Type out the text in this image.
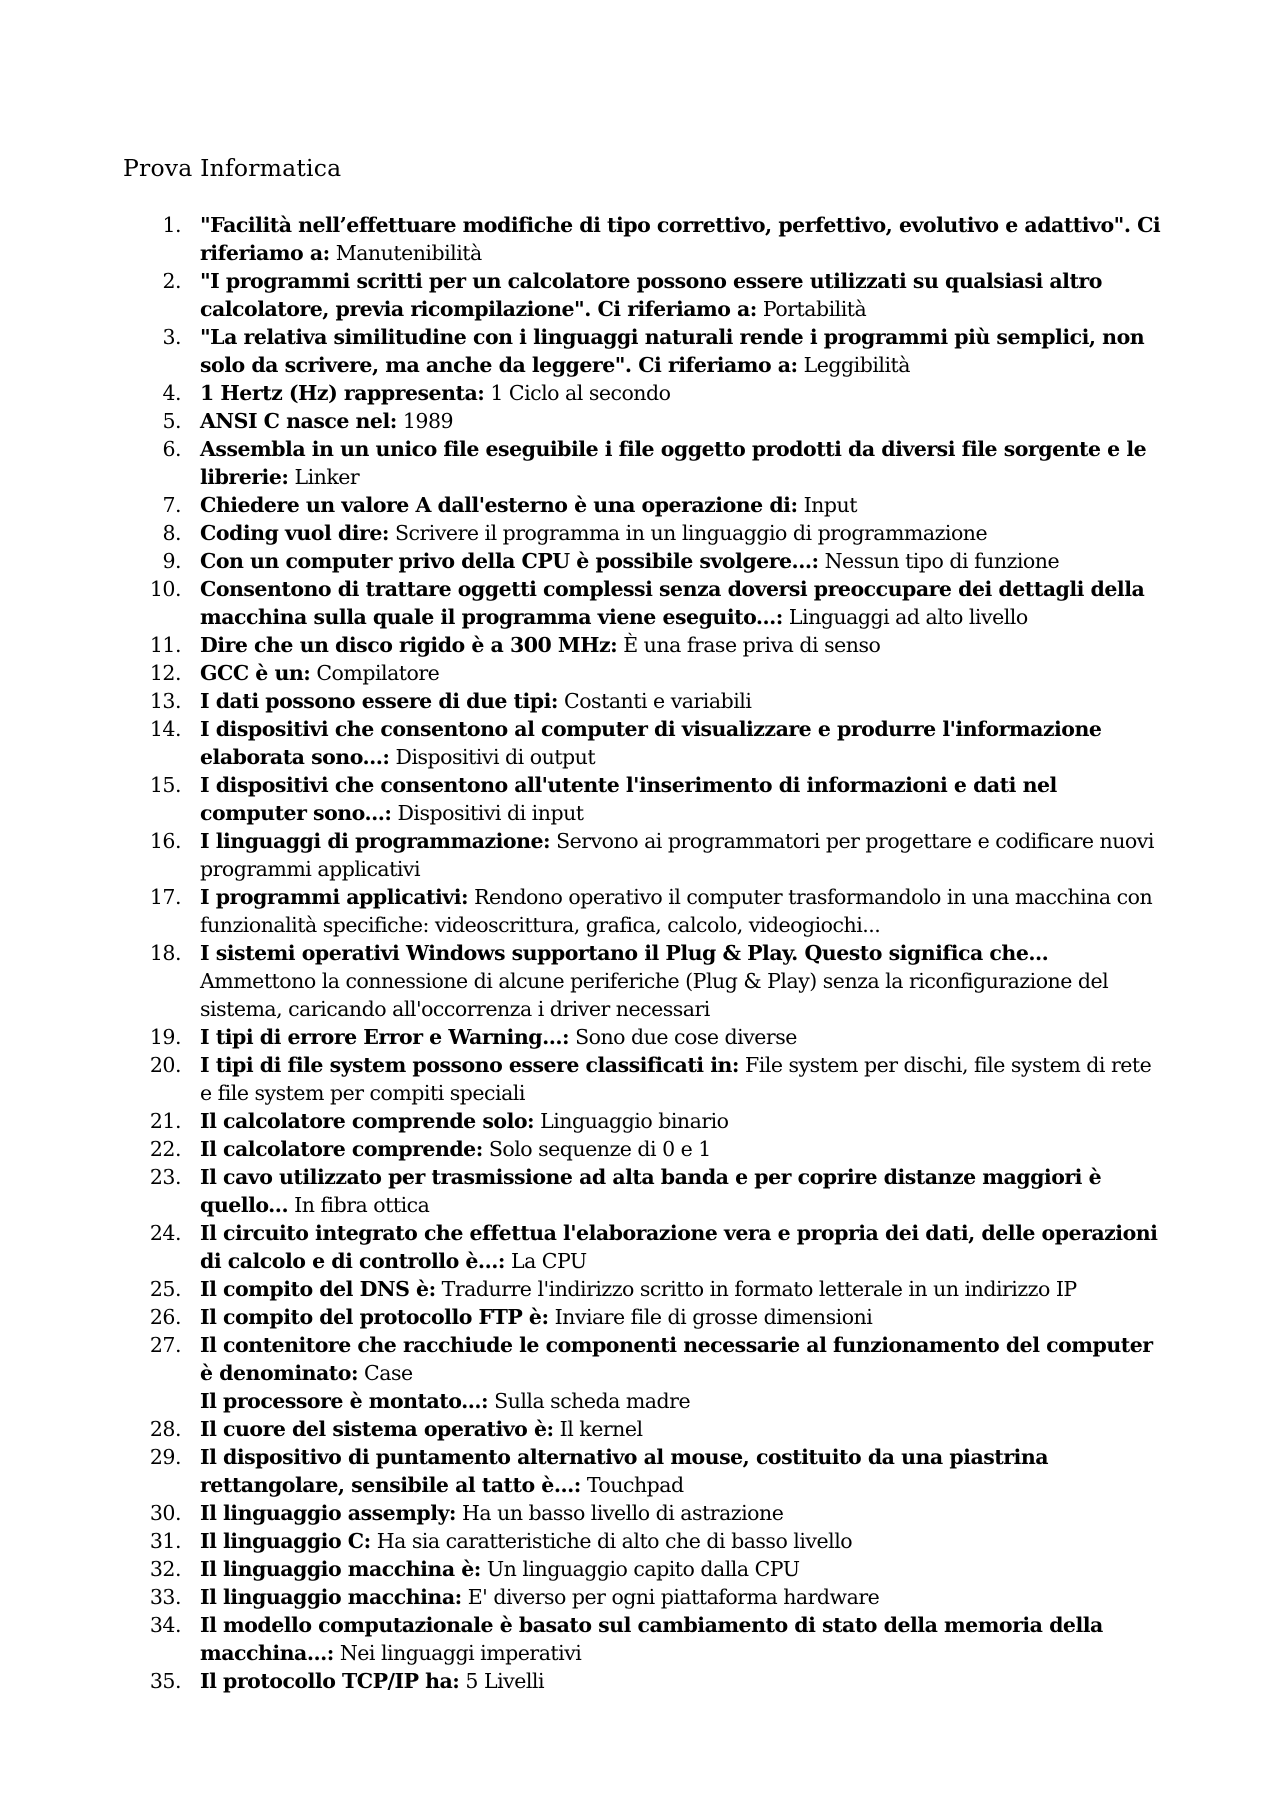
Prova Informatica
1. "Facilità nell’effettuare modifiche di tipo correttivo, perfettivo, evolutivo e adattivo". Ci riferiamo a: Manutenibilità
2. "I programmi scritti per un calcolatore possono essere utilizzati su qualsiasi altro calcolatore, previa ricompilazione". Ci riferiamo a: Portabilità
3. "La relativa similitudine con i linguaggi naturali rende i programmi più semplici, non solo da scrivere, ma anche da leggere". Ci riferiamo a: Leggibilità
4. 1 Hertz (Hz) rappresenta: 1 Ciclo al secondo
5. ANSI C nasce nel: 1989
6. Assembla in un unico file eseguibile i file oggetto prodotti da diversi file sorgente e le librerie: Linker
7. Chiedere un valore A dall'esterno è una operazione di: Input
8. Coding vuol dire: Scrivere il programma in un linguaggio di programmazione
9. Con un computer privo della CPU è possibile svolgere...: Nessun tipo di funzione
10. Consentono di trattare oggetti complessi senza doversi preoccupare dei dettagli della macchina sulla quale il programma viene eseguito...: Linguaggi ad alto livello
11. Dire che un disco rigido è a 300 MHz: È una frase priva di senso
12. GCC è un: Compilatore
13. I dati possono essere di due tipi: Costanti e variabili
14. I dispositivi che consentono al computer di visualizzare e produrre l'informazione elaborata sono...: Dispositivi di output
15. I dispositivi che consentono all'utente l'inserimento di informazioni e dati nel computer sono...: Dispositivi di input
16. I linguaggi di programmazione: Servono ai programmatori per progettare e codificare nuovi programmi applicativi
17. I programmi applicativi: Rendono operativo il computer trasformandolo in una macchina con funzionalità specifiche: videoscrittura, grafica, calcolo, videogiochi...
18. I sistemi operativi Windows supportano il Plug & Play. Questo significa che... Ammettono la connessione di alcune periferiche (Plug & Play) senza la riconfigurazione del sistema, caricando all'occorrenza i driver necessari
19. I tipi di errore Error e Warning...: Sono due cose diverse
20. I tipi di file system possono essere classificati in: File system per dischi, file system di rete e file system per compiti speciali
21. Il calcolatore comprende solo: Linguaggio binario
22. Il calcolatore comprende: Solo sequenze di 0 e 1
23. Il cavo utilizzato per trasmissione ad alta banda e per coprire distanze maggiori è quello... In fibra ottica
24. Il circuito integrato che effettua l'elaborazione vera e propria dei dati, delle operazioni di calcolo e di controllo è...: La CPU
25. Il compito del DNS è: Tradurre l'indirizzo scritto in formato letterale in un indirizzo IP
26. Il compito del protocollo FTP è: Inviare file di grosse dimensioni
27. Il contenitore che racchiude le componenti necessarie al funzionamento del computer è denominato: Case
Il processore è montato...: Sulla scheda madre
28. Il cuore del sistema operativo è: Il kernel
29. Il dispositivo di puntamento alternativo al mouse, costituito da una piastrina rettangolare, sensibile al tatto è...: Touchpad
30. Il linguaggio assemply: Ha un basso livello di astrazione
31. Il linguaggio C: Ha sia caratteristiche di alto che di basso livello
32. Il linguaggio macchina è: Un linguaggio capito dalla CPU
33. Il linguaggio macchina: E' diverso per ogni piattaforma hardware
34. Il modello computazionale è basato sul cambiamento di stato della memoria della macchina...: Nei linguaggi imperativi
35. Il protocollo TCP/IP ha: 5 Livelli
